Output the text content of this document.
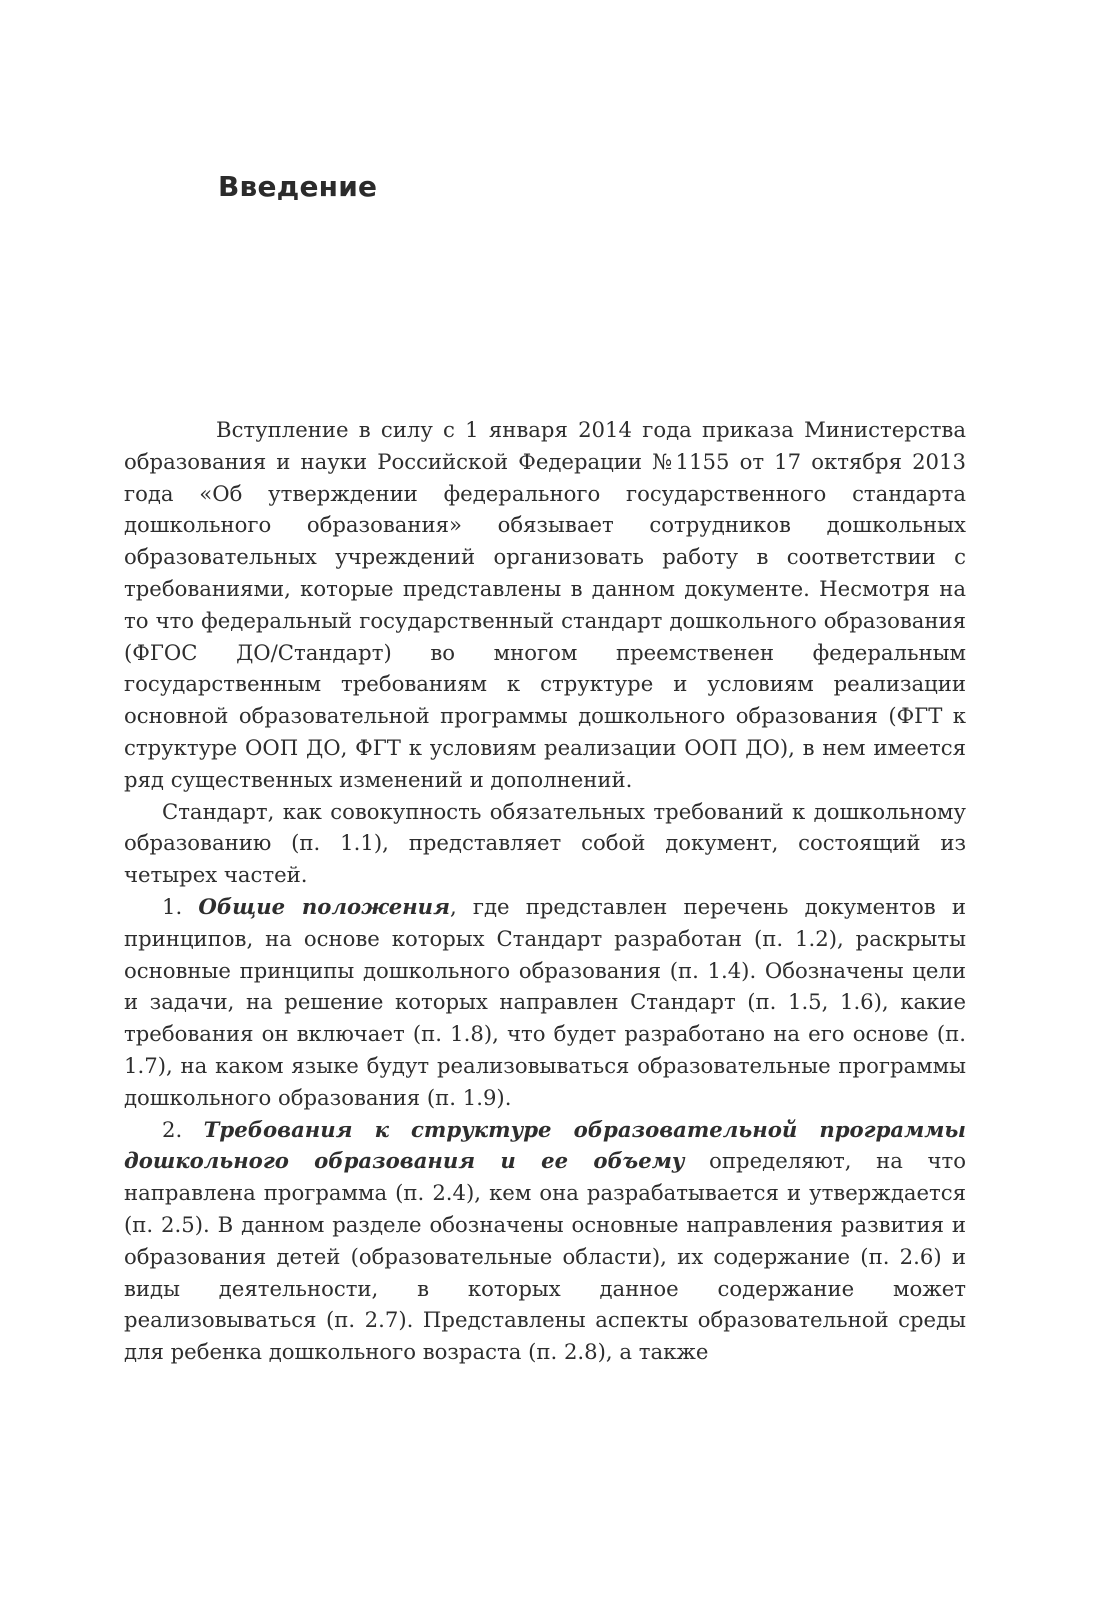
Введение

Вступление в силу с 1 января 2014 года приказа Министерства образования и науки Российской Федерации №1155 от 17 октября 2013 года «Об утверждении федерального государственного стандарта дошкольного образования» обязывает сотрудников дошкольных образовательных учреждений организовать работу в соответствии с требованиями, которые представлены в данном документе. Несмотря на то что федеральный государственный стандарт дошкольного образования (ФГОС ДО/Стандарт) во многом преемственен федеральным государственным требованиям к структуре и условиям реализации основной образовательной программы дошкольного образования (ФГТ к структуре ООП ДО, ФГТ к условиям реализации ООП ДО), в нем имеется ряд существенных изменений и дополнений.

Стандарт, как совокупность обязательных требований к дошкольному образованию (п. 1.1), представляет собой документ, состоящий из четырех частей.

1. Общие положения, где представлен перечень документов и принципов, на основе которых Стандарт разработан (п. 1.2), раскрыты основные принципы дошкольного образования (п. 1.4). Обозначены цели и задачи, на решение которых направлен Стандарт (п. 1.5, 1.6), какие требования он включает (п. 1.8), что будет разработано на его основе (п. 1.7), на каком языке будут реализовываться образовательные программы дошкольного образования (п. 1.9).

2. Требования к структуре образовательной программы дошкольного образования и ее объему определяют, на что направлена программа (п. 2.4), кем она разрабатывается и утверждается (п. 2.5). В данном разделе обозначены основные направления развития и образования детей (образовательные области), их содержание (п. 2.6) и виды деятельности, в которых данное содержание может реализовываться (п. 2.7). Представлены аспекты образовательной среды для ребенка дошкольного возраста (п. 2.8), а также
